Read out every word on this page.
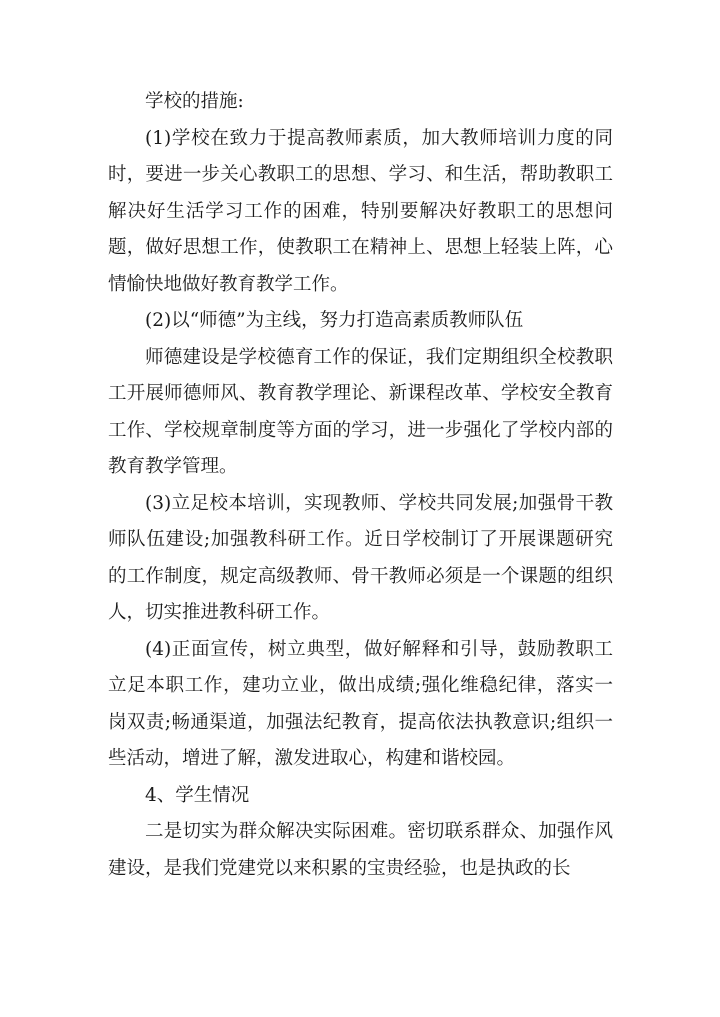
学校的措施:

(1)学校在致力于提高教师素质，加大教师培训力度的同时，要进一步关心教职工的思想、学习、和生活，帮助教职工解决好生活学习工作的困难，特别要解决好教职工的思想问题，做好思想工作，使教职工在精神上、思想上轻装上阵，心情愉快地做好教育教学工作。

(2)以“师德”为主线，努力打造高素质教师队伍

师德建设是学校德育工作的保证，我们定期组织全校教职工开展师德师风、教育教学理论、新课程改革、学校安全教育工作、学校规章制度等方面的学习，进一步强化了学校内部的教育教学管理。

(3)立足校本培训，实现教师、学校共同发展;加强骨干教师队伍建设;加强教科研工作。近日学校制订了开展课题研究的工作制度，规定高级教师、骨干教师必须是一个课题的组织人，切实推进教科研工作。

(4)正面宣传，树立典型，做好解释和引导，鼓励教职工立足本职工作，建功立业，做出成绩;强化维稳纪律，落实一岗双责;畅通渠道，加强法纪教育，提高依法执教意识;组织一些活动，增进了解，激发进取心，构建和谐校园。

4、学生情况

二是切实为群众解决实际困难。密切联系群众、加强作风建设，是我们党建党以来积累的宝贵经验，也是执政的长
